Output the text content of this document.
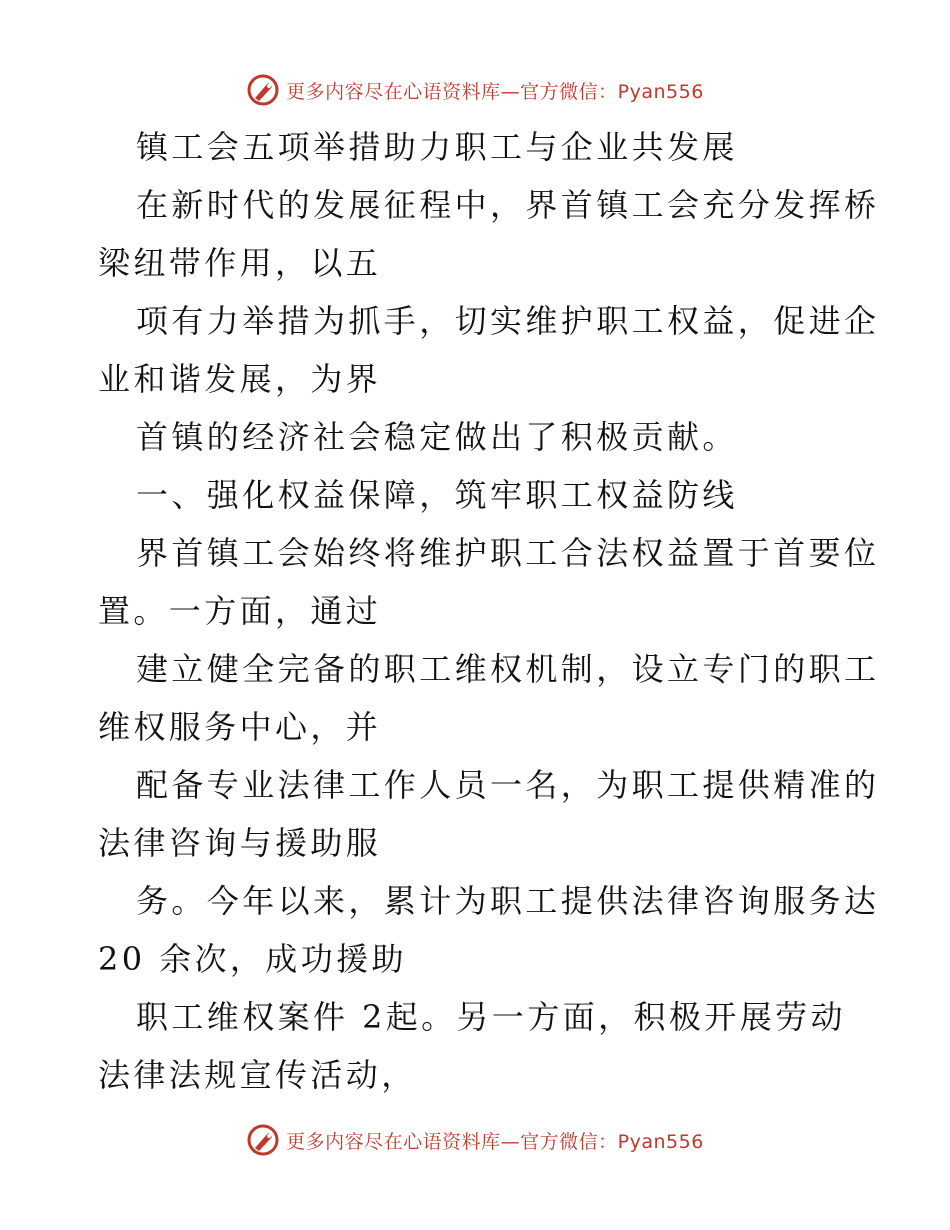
更多内容尽在心语资料库—官方微信：Pyan556
镇工会五项举措助力职工与企业共发展
在新时代的发展征程中，界首镇工会充分发挥桥
梁纽带作用，以五
项有力举措为抓手，切实维护职工权益，促进企
业和谐发展，为界
首镇的经济社会稳定做出了积极贡献。
一、强化权益保障，筑牢职工权益防线
界首镇工会始终将维护职工合法权益置于首要位
置。一方面，通过
建立健全完备的职工维权机制，设立专门的职工
维权服务中心，并
配备专业法律工作人员一名，为职工提供精准的
法律咨询与援助服
务。今年以来，累计为职工提供法律咨询服务达
20 余次，成功援助
职工维权案件 2起。另一方面，积极开展劳动
法律法规宣传活动，
更多内容尽在心语资料库—官方微信：Pyan556
